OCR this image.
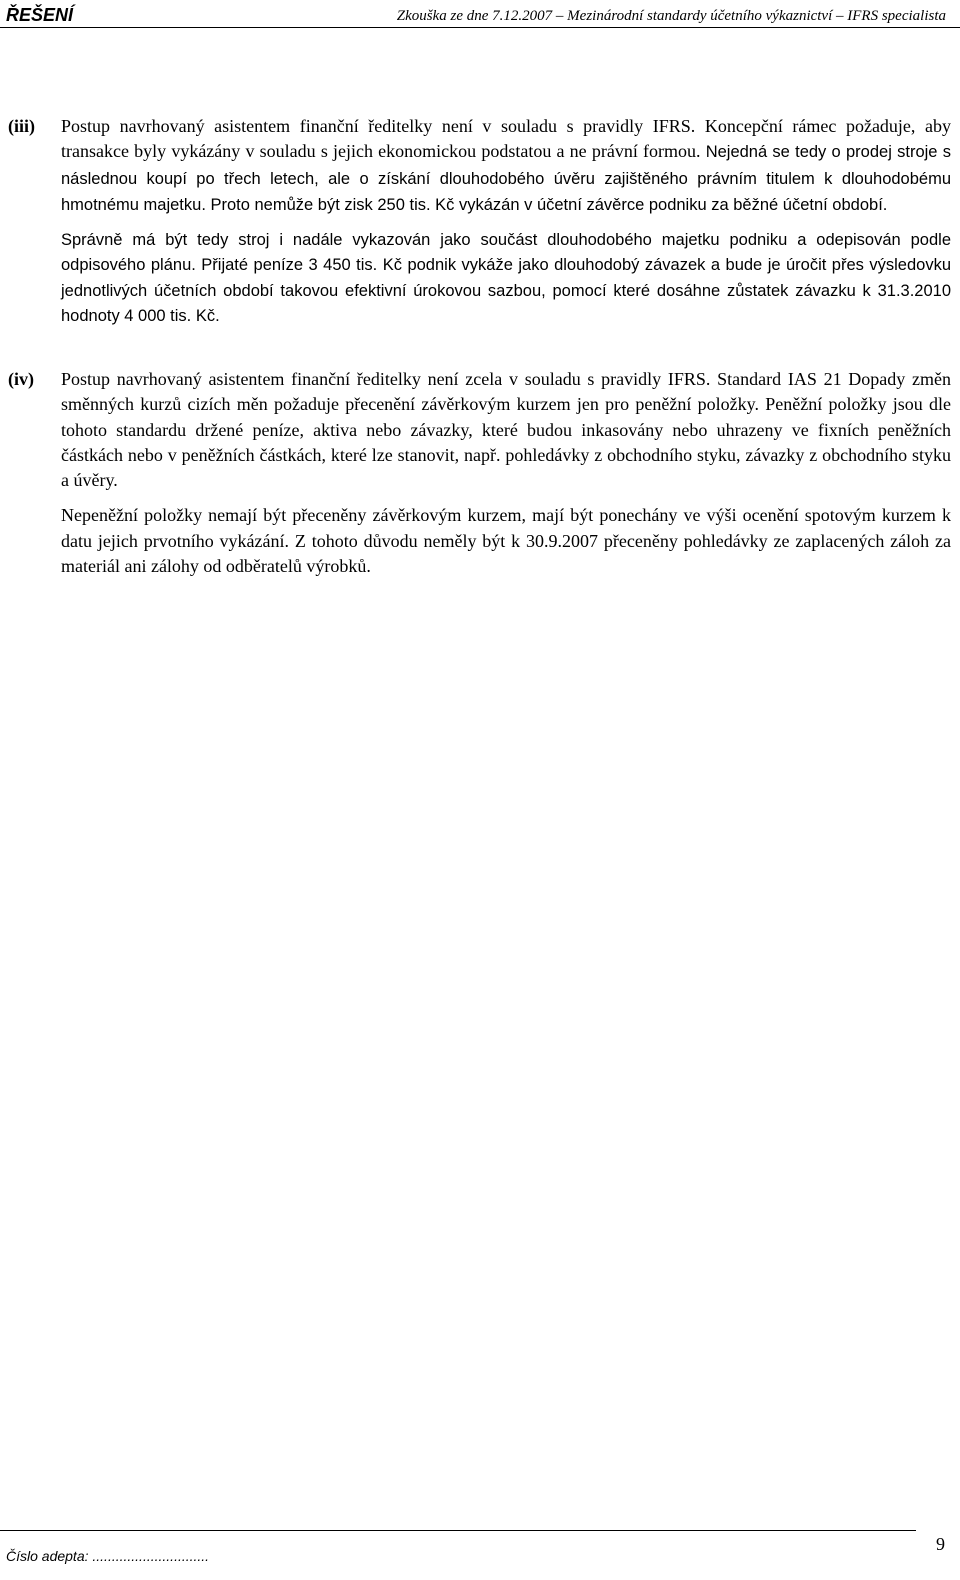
ŘEŠENÍ	Zkouška ze dne 7.12.2007 – Mezinárodní standardy účetního výkaznictví – IFRS specialista
(iii) Postup navrhovaný asistentem finanční ředitelky není v souladu s pravidly IFRS. Koncepční rámec požaduje, aby transakce byly vykázány v souladu s jejich ekonomickou podstatou a ne právní formou. Nejedná se tedy o prodej stroje s následnou koupí po třech letech, ale o získání dlouhodobého úvěru zajištěného právním titulem k dlouhodobému hmotnému majetku. Proto nemůže být zisk 250 tis. Kč vykázán v účetní závěrce podniku za běžné účetní období.

Správně má být tedy stroj i nadále vykazován jako součást dlouhodobého majetku podniku a odepisován podle odpisového plánu. Přijaté peníze 3 450 tis. Kč podnik vykáže jako dlouhodobý závazek a bude je úročit přes výsledovku jednotlivých účetních období takovou efektivní úrokovou sazbou, pomocí které dosáhne zůstatek závazku k 31.3.2010 hodnoty 4 000 tis. Kč.

(iv) Postup navrhovaný asistentem finanční ředitelky není zcela v souladu s pravidly IFRS. Standard IAS 21 Dopady změn směnných kurzů cizích měn požaduje přecenění závěrkovým kurzem jen pro peněžní položky. Peněžní položky jsou dle tohoto standardu držené peníze, aktiva nebo závazky, které budou inkasovány nebo uhrazeny ve fixních peněžních částkách nebo v peněžních částkách, které lze stanovit, např. pohledávky z obchodního styku, závazky z obchodního styku a úvěry.

Nepeněžní položky nemají být přeceněny závěrkovým kurzem, mají být ponechány ve výši ocenění spotovým kurzem k datu jejich prvotního vykázání. Z tohoto důvodu neměly být k 30.9.2007 přeceněny pohledávky ze zaplacených záloh za materiál ani zálohy od odběratelů výrobků.

Číslo adepta: ..............................
9
